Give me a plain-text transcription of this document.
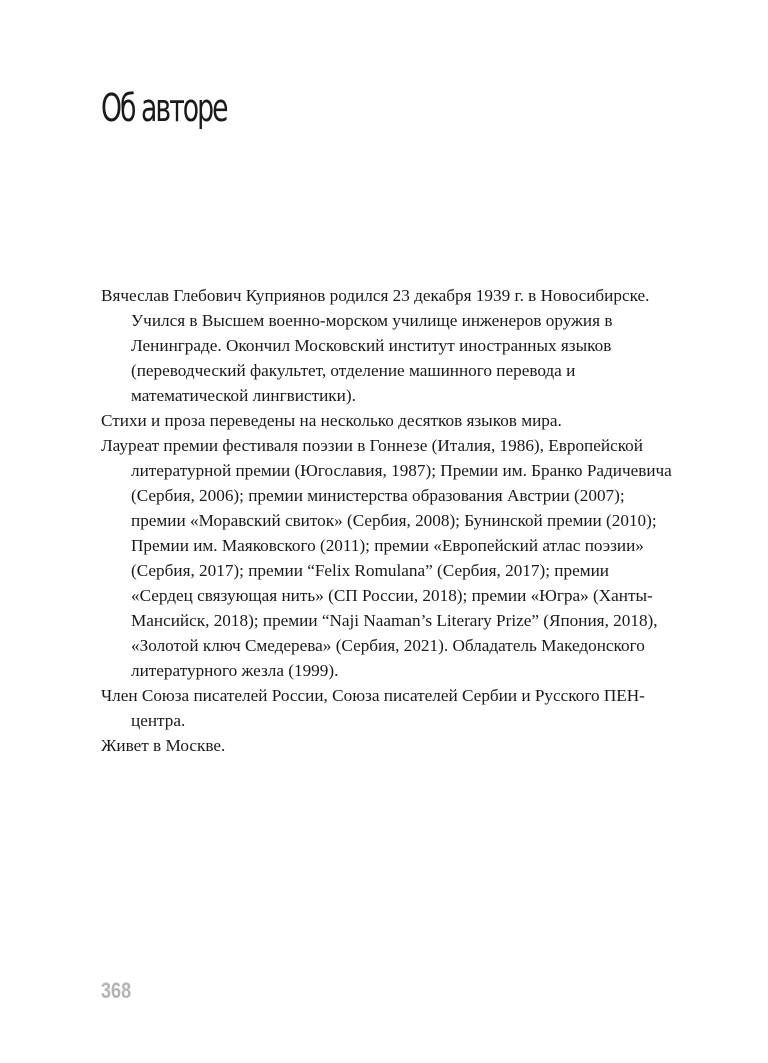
Об авторе

Вячеслав Глебович Куприянов родился 23 декабря 1939 г. в Новосибирске. Учился в Высшем военно-морском училище инженеров оружия в Ленинграде. Окончил Московский институт иностранных языков (переводческий факультет, отделение машинного перевода и математической лингвистики).

Стихи и проза переведены на несколько десятков языков мира.

Лауреат премии фестиваля поэзии в Гоннезе (Италия, 1986), Европейской литературной премии (Югославия, 1987); Премии им. Бранко Радичевича (Сербия, 2006); премии министерства образования Австрии (2007); премии «Моравский свиток» (Сербия, 2008); Бунинской премии (2010); Премии им. Маяковского (2011); премии «Европейский атлас поэзии» (Сербия, 2017); премии “Felix Romulana” (Сербия, 2017); премии «Сердец связующая нить» (СП России, 2018); премии «Югра» (Ханты-Мансийск, 2018); премии “Naji Naaman’s Literary Prize” (Япония, 2018), «Золотой ключ Смедерева» (Сербия, 2021). Обладатель Македонского литературного жезла (1999).

Член Союза писателей России, Союза писателей Сербии и Русского ПЕН-центра.

Живет в Москве.

368
